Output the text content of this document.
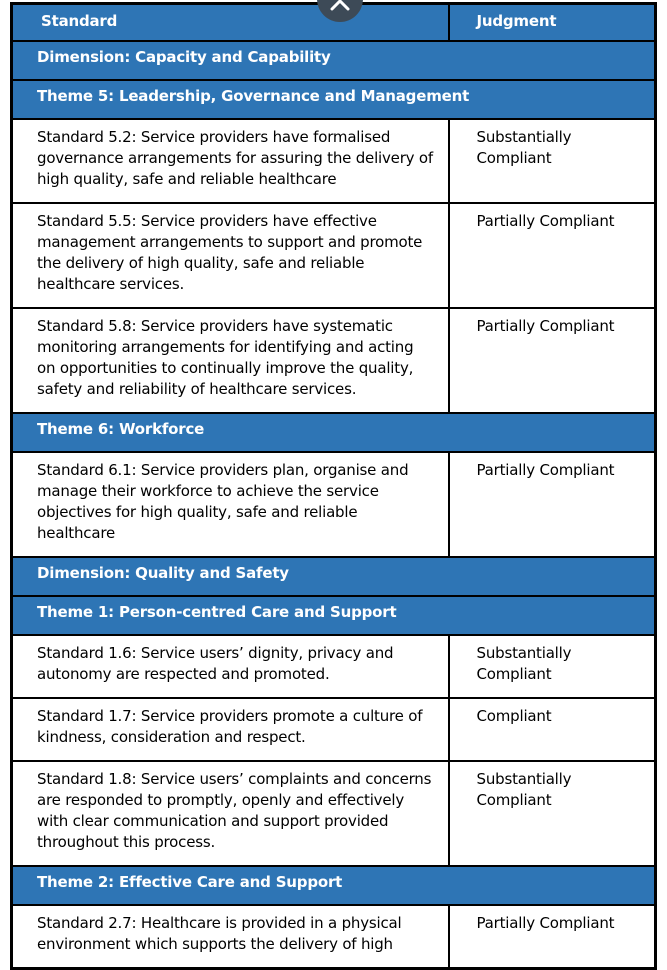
Standard	Judgment
Dimension: Capacity and Capability	
Theme 5: Leadership, Governance and Management	
Standard 5.2: Service providers have formalised governance arrangements for assuring the delivery of high quality, safe and reliable healthcare	Substantially Compliant
Standard 5.5: Service providers have effective management arrangements to support and promote the delivery of high quality, safe and reliable healthcare services.	Partially Compliant
Standard 5.8: Service providers have systematic monitoring arrangements for identifying and acting on opportunities to continually improve the quality, safety and reliability of healthcare services.	Partially Compliant
Theme 6: Workforce	
Standard 6.1: Service providers plan, organise and manage their workforce to achieve the service objectives for high quality, safe and reliable healthcare	Partially Compliant
Dimension: Quality and Safety	
Theme 1: Person-centred Care and Support	
Standard 1.6: Service users’ dignity, privacy and autonomy are respected and promoted.	Substantially Compliant
Standard 1.7: Service providers promote a culture of kindness, consideration and respect.	Compliant
Standard 1.8: Service users’ complaints and concerns are responded to promptly, openly and effectively with clear communication and support provided throughout this process.	Substantially Compliant
Theme 2: Effective Care and Support	
Standard 2.7: Healthcare is provided in a physical environment which supports the delivery of high	Partially Compliant
